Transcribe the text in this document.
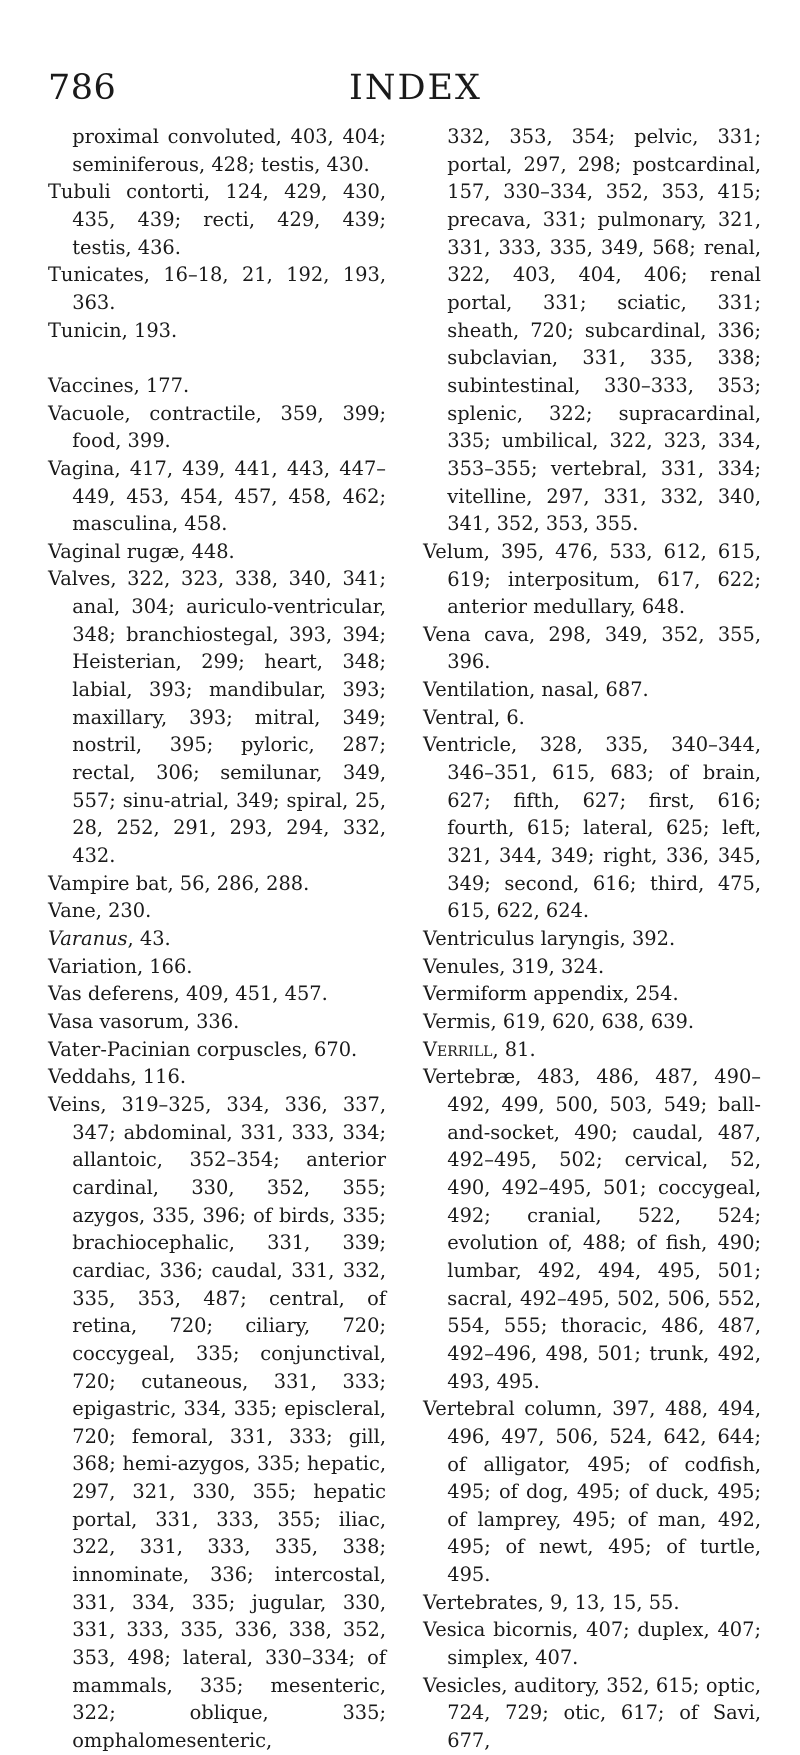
786	INDEX

proximal convoluted, 403, 404; seminiferous, 428; testis, 430.

Tubuli contorti, 124, 429, 430, 435, 439; recti, 429, 439; testis, 436.

Tunicates, 16–18, 21, 192, 193, 363.

Tunicin, 193.

Vaccines, 177.

Vacuole, contractile, 359, 399; food, 399.

Vagina, 417, 439, 441, 443, 447–449, 453, 454, 457, 458, 462; masculina, 458.

Vaginal rugæ, 448.

Valves, 322, 323, 338, 340, 341; anal, 304; auriculo-ventricular, 348; branchiostegal, 393, 394; Heisterian, 299; heart, 348; labial, 393; mandibular, 393; maxillary, 393; mitral, 349; nostril, 395; pyloric, 287; rectal, 306; semilunar, 349, 557; sinu-atrial, 349; spiral, 25, 28, 252, 291, 293, 294, 332, 432.

Vampire bat, 56, 286, 288.

Vane, 230.

Varanus, 43.

Variation, 166.

Vas deferens, 409, 451, 457.

Vasa vasorum, 336.

Vater-Pacinian corpuscles, 670.

Veddahs, 116.

Veins, 319–325, 334, 336, 337, 347; abdominal, 331, 333, 334; allantoic, 352–354; anterior cardinal, 330, 352, 355; azygos, 335, 396; of birds, 335; brachiocephalic, 331, 339; cardiac, 336; caudal, 331, 332, 335, 353, 487; central, of retina, 720; ciliary, 720; coccygeal, 335; conjunctival, 720; cutaneous, 331, 333; epigastric, 334, 335; episcleral, 720; femoral, 331, 333; gill, 368; hemi-azygos, 335; hepatic, 297, 321, 330, 355; hepatic portal, 331, 333, 355; iliac, 322, 331, 333, 335, 338; innominate, 336; intercostal, 331, 334, 335; jugular, 330, 331, 333, 335, 336, 338, 352, 353, 498; lateral, 330–334; of mammals, 335; mesenteric, 322; oblique, 335; omphalomesenteric,

332, 353, 354; pelvic, 331; portal, 297, 298; postcardinal, 157, 330–334, 352, 353, 415; precava, 331; pulmonary, 321, 331, 333, 335, 349, 568; renal, 322, 403, 404, 406; renal portal, 331; sciatic, 331; sheath, 720; subcardinal, 336; subclavian, 331, 335, 338; subintestinal, 330–333, 353; splenic, 322; supracardinal, 335; umbilical, 322, 323, 334, 353–355; vertebral, 331, 334; vitelline, 297, 331, 332, 340, 341, 352, 353, 355.

Velum, 395, 476, 533, 612, 615, 619; interpositum, 617, 622; anterior medullary, 648.

Vena cava, 298, 349, 352, 355, 396.

Ventilation, nasal, 687.

Ventral, 6.

Ventricle, 328, 335, 340–344, 346–351, 615, 683; of brain, 627; fifth, 627; first, 616; fourth, 615; lateral, 625; left, 321, 344, 349; right, 336, 345, 349; second, 616; third, 475, 615, 622, 624.

Ventriculus laryngis, 392.

Venules, 319, 324.

Vermiform appendix, 254.

Vermis, 619, 620, 638, 639.

Verrill, 81.

Vertebræ, 483, 486, 487, 490–492, 499, 500, 503, 549; ball-and-socket, 490; caudal, 487, 492–495, 502; cervical, 52, 490, 492–495, 501; coccygeal, 492; cranial, 522, 524; evolution of, 488; of fish, 490; lumbar, 492, 494, 495, 501; sacral, 492–495, 502, 506, 552, 554, 555; thoracic, 486, 487, 492–496, 498, 501; trunk, 492, 493, 495.

Vertebral column, 397, 488, 494, 496, 497, 506, 524, 642, 644; of alligator, 495; of codfish, 495; of dog, 495; of duck, 495; of lamprey, 495; of man, 492, 495; of newt, 495; of turtle, 495.

Vertebrates, 9, 13, 15, 55.

Vesica bicornis, 407; duplex, 407; simplex, 407.

Vesicles, auditory, 352, 615; optic, 724, 729; otic, 617; of Savi, 677,
